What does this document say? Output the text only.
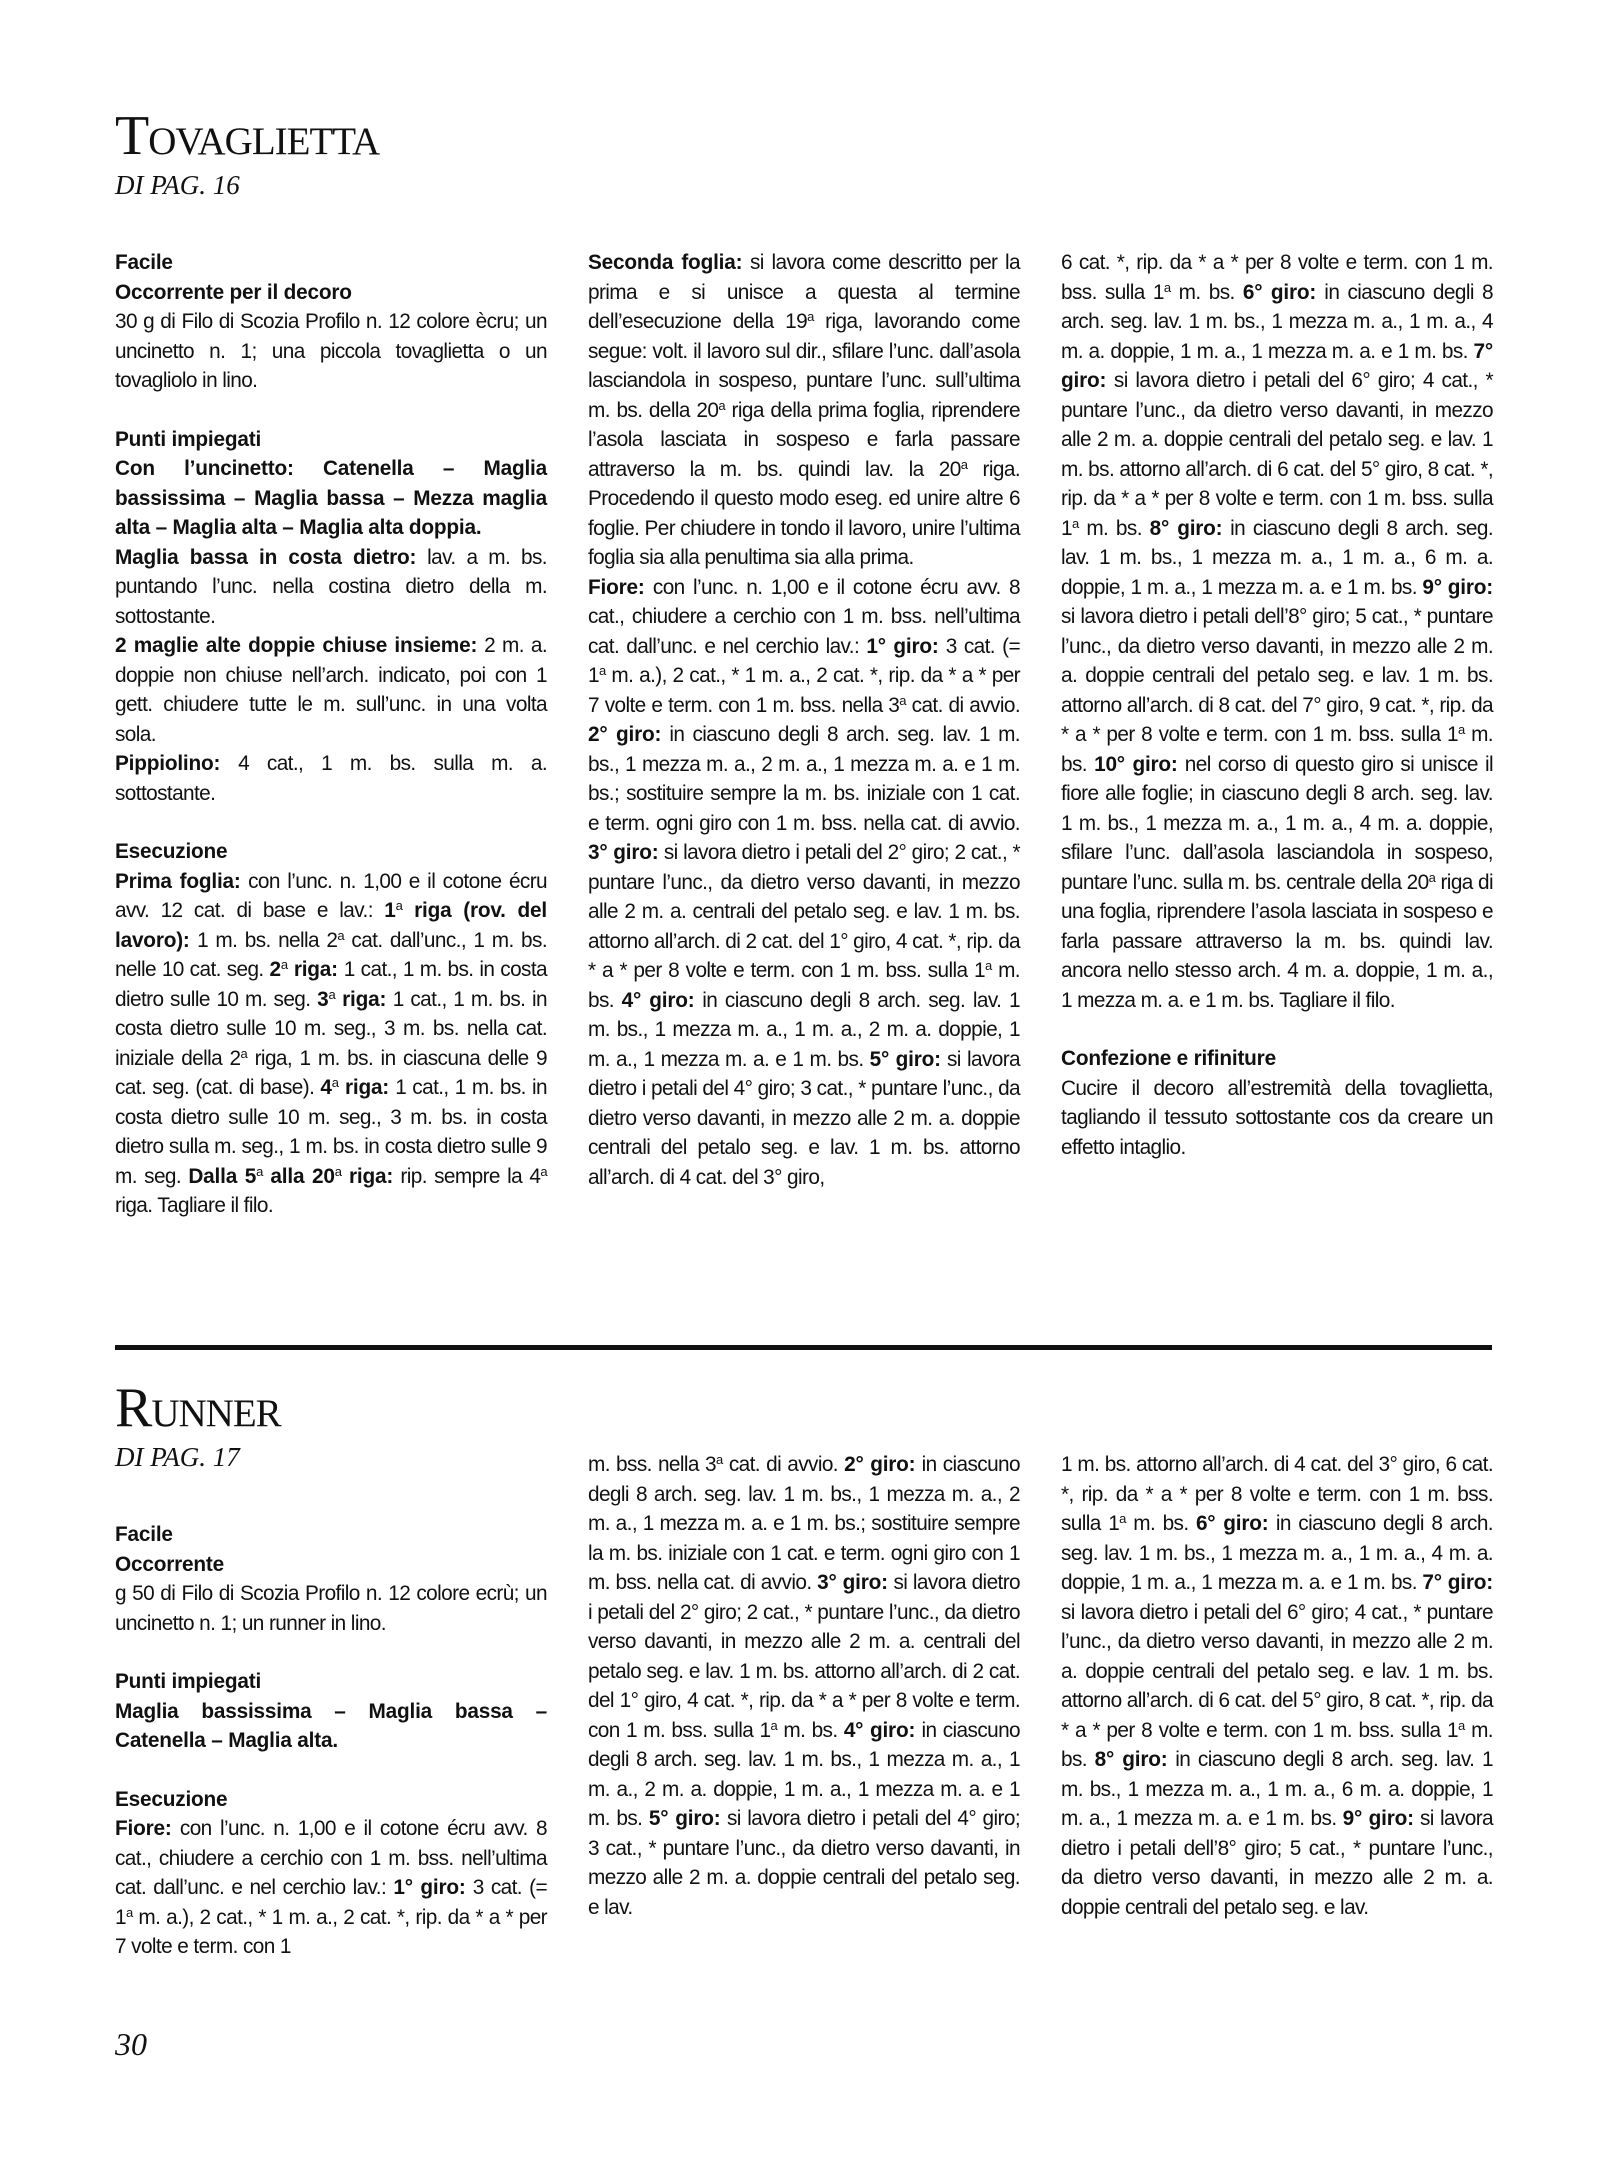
Tovaglietta
DI PAG. 16

Facile
Occorrente per il decoro
30 g di Filo di Scozia Profilo n. 12 colore ècru; un uncinetto n. 1; una piccola tovaglietta o un tovagliolo in lino.

Punti impiegati
Con l’uncinetto: Catenella – Maglia bassissima – Maglia bassa – Mezza maglia alta – Maglia alta – Maglia alta doppia.
Maglia bassa in costa dietro: lav. a m. bs. puntando l’unc. nella costina dietro della m. sottostante.
2 maglie alte doppie chiuse insieme: 2 m. a. doppie non chiuse nell’arch. indicato, poi con 1 gett. chiudere tutte le m. sull’unc. in una volta sola.
Pippiolino: 4 cat., 1 m. bs. sulla m. a. sottostante.

Esecuzione
Prima foglia: con l’unc. n. 1,00 e il cotone écru avv. 12 cat. di base e lav.: 1$^a$ riga (rov. del lavoro): 1 m. bs. nella 2$^a$ cat. dall’unc., 1 m. bs. nelle 10 cat. seg. 2$^a$ riga: 1 cat., 1 m. bs. in costa dietro sulle 10 m. seg. 3$^a$ riga: 1 cat., 1 m. bs. in costa dietro sulle 10 m. seg., 3 m. bs. nella cat. iniziale della 2$^a$ riga, 1 m. bs. in ciascuna delle 9 cat. seg. (cat. di base). 4$^a$ riga: 1 cat., 1 m. bs. in costa dietro sulle 10 m. seg., 3 m. bs. in costa dietro sulla m. seg., 1 m. bs. in costa dietro sulle 9 m. seg. Dalla 5$^a$ alla 20$^a$ riga: rip. sempre la 4$^a$ riga. Tagliare il filo.

Seconda foglia: si lavora come descritto per la prima e si unisce a questa al termine dell’esecuzione della 19$^a$ riga, lavorando come segue: volt. il lavoro sul dir., sfilare l’unc. dall’asola lasciandola in sospeso, puntare l’unc. sull’ultima m. bs. della 20$^a$ riga della prima foglia, riprendere l’asola lasciata in sospeso e farla passare attraverso la m. bs. quindi lav. la 20$^a$ riga. Procedendo il questo modo eseg. ed unire altre 6 foglie. Per chiudere in tondo il lavoro, unire l’ultima foglia sia alla penultima sia alla prima.
Fiore: con l’unc. n. 1,00 e il cotone écru avv. 8 cat., chiudere a cerchio con 1 m. bss. nell’ultima cat. dall’unc. e nel cerchio lav.: 1° giro: 3 cat. (= $1^a$ m. a.), 2 cat., * 1 m. a., 2 cat. *, rip. da * a * per 7 volte e term. con 1 m. bss. nella 3$^a$ cat. di avvio. 2° giro: in ciascuno degli 8 arch. seg. lav. 1 m. bs., 1 mezza m. a., 2 m. a., 1 mezza m. a. e 1 m. bs.; sostituire sempre la m. bs. iniziale con 1 cat. e term. ogni giro con 1 m. bss. nella cat. di avvio. 3° giro: si lavora dietro i petali del 2° giro; 2 cat., * puntare l’unc., da dietro verso davanti, in mezzo alle 2 m. a. centrali del petalo seg. e lav. 1 m. bs. attorno all’arch. di 2 cat. del 1° giro, 4 cat. *, rip. da * a * per 8 volte e term. con 1 m. bss. sulla 1$^a$ m. bs. 4° giro: in ciascuno degli 8 arch. seg. lav. 1 m. bs., 1 mezza m. a., 1 m. a., 2 m. a. doppie, 1 m. a., 1 mezza m. a. e 1 m. bs. 5° giro: si lavora dietro i petali del 4° giro; 3 cat., * puntare l’unc., da dietro verso davanti, in mezzo alle 2 m. a. doppie centrali del petalo seg. e lav. 1 m. bs. attorno all’arch. di 4 cat. del 3° giro,

6 cat. *, rip. da * a * per 8 volte e term. con 1 m. bss. sulla 1$^a$ m. bs. 6° giro: in ciascuno degli 8 arch. seg. lav. 1 m. bs., 1 mezza m. a., 1 m. a., 4 m. a. doppie, 1 m. a., 1 mezza m. a. e 1 m. bs. 7° giro: si lavora dietro i petali del 6° giro; 4 cat., * puntare l’unc., da dietro verso davanti, in mezzo alle 2 m. a. doppie centrali del petalo seg. e lav. 1 m. bs. attorno all’arch. di 6 cat. del 5° giro, 8 cat. *, rip. da * a * per 8 volte e term. con 1 m. bss. sulla 1$^a$ m. bs. 8° giro: in ciascuno degli 8 arch. seg. lav. 1 m. bs., 1 mezza m. a., 1 m. a., 6 m. a. doppie, 1 m. a., 1 mezza m. a. e 1 m. bs. 9° giro: si lavora dietro i petali dell’8° giro; 5 cat., * puntare l’unc., da dietro verso davanti, in mezzo alle 2 m. a. doppie centrali del petalo seg. e lav. 1 m. bs. attorno all’arch. di 8 cat. del 7° giro, 9 cat. *, rip. da * a * per 8 volte e term. con 1 m. bss. sulla 1$^a$ m. bs. 10° giro: nel corso di questo giro si unisce il fiore alle foglie; in ciascuno degli 8 arch. seg. lav. 1 m. bs., 1 mezza m. a., 1 m. a., 4 m. a. doppie, sfilare l’unc. dall’asola lasciandola in sospeso, puntare l’unc. sulla m. bs. centrale della 20$^a$ riga di una foglia, riprendere l’asola lasciata in sospeso e farla passare attraverso la m. bs. quindi lav. ancora nello stesso arch. 4 m. a. doppie, 1 m. a., 1 mezza m. a. e 1 m. bs. Tagliare il filo.

Confezione e rifiniture
Cucire il decoro all’estremità della tovaglietta, tagliando il tessuto sottostante cos da creare un effetto intaglio.

Runner
DI PAG. 17

Facile
Occorrente
g 50 di Filo di Scozia Profilo n. 12 colore ecrù; un uncinetto n. 1; un runner in lino.

Punti impiegati
Maglia bassissima – Maglia bassa – Catenella – Maglia alta.

Esecuzione
Fiore: con l’unc. n. 1,00 e il cotone écru avv. 8 cat., chiudere a cerchio con 1 m. bss. nell’ultima cat. dall’unc. e nel cerchio lav.: 1° giro: 3 cat. (= $1^a$ m. a.), 2 cat., * 1 m. a., 2 cat. *, rip. da * a * per 7 volte e term. con 1

m. bss. nella 3$^a$ cat. di avvio. 2° giro: in ciascuno degli 8 arch. seg. lav. 1 m. bs., 1 mezza m. a., 2 m. a., 1 mezza m. a. e 1 m. bs.; sostituire sempre la m. bs. iniziale con 1 cat. e term. ogni giro con 1 m. bss. nella cat. di avvio. 3° giro: si lavora dietro i petali del 2° giro; 2 cat., * puntare l’unc., da dietro verso davanti, in mezzo alle 2 m. a. centrali del petalo seg. e lav. 1 m. bs. attorno all’arch. di 2 cat. del 1° giro, 4 cat. *, rip. da * a * per 8 volte e term. con 1 m. bss. sulla 1$^a$ m. bs. 4° giro: in ciascuno degli 8 arch. seg. lav. 1 m. bs., 1 mezza m. a., 1 m. a., 2 m. a. doppie, 1 m. a., 1 mezza m. a. e 1 m. bs. 5° giro: si lavora dietro i petali del 4° giro; 3 cat., * puntare l’unc., da dietro verso davanti, in mezzo alle 2 m. a. doppie centrali del petalo seg. e lav.

1 m. bs. attorno all’arch. di 4 cat. del 3° giro, 6 cat. *, rip. da * a * per 8 volte e term. con 1 m. bss. sulla 1$^a$ m. bs. 6° giro: in ciascuno degli 8 arch. seg. lav. 1 m. bs., 1 mezza m. a., 1 m. a., 4 m. a. doppie, 1 m. a., 1 mezza m. a. e 1 m. bs. 7° giro: si lavora dietro i petali del 6° giro; 4 cat., * puntare l’unc., da dietro verso davanti, in mezzo alle 2 m. a. doppie centrali del petalo seg. e lav. 1 m. bs. attorno all’arch. di 6 cat. del 5° giro, 8 cat. *, rip. da * a * per 8 volte e term. con 1 m. bss. sulla 1$^a$ m. bs. 8° giro: in ciascuno degli 8 arch. seg. lav. 1 m. bs., 1 mezza m. a., 1 m. a., 6 m. a. doppie, 1 m. a., 1 mezza m. a. e 1 m. bs. 9° giro: si lavora dietro i petali dell’8° giro; 5 cat., * puntare l’unc., da dietro verso davanti, in mezzo alle 2 m. a. doppie centrali del petalo seg. e lav.

30
